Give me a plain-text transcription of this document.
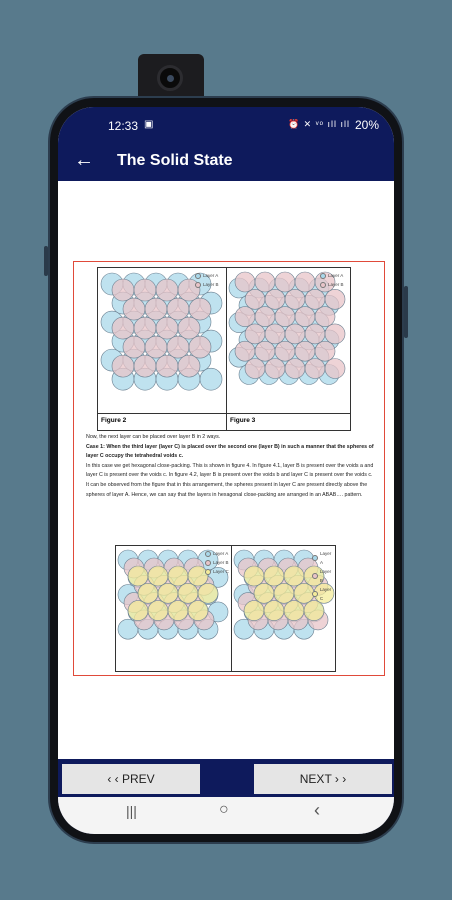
12:33 ▣	⏰ ✕ ᵛᵒ ıll ıll 20%
← The Solid State
Layer A
Layer B
Layer A
Layer B
Figure 2	Figure 3
Now, the next layer can be placed over layer B in 2 ways.
Case 1: When the third layer (layer C) is placed over the second one (layer B) in such a manner that the spheres of layer C occupy the tetrahedral voids c.
In this case we get hexagonal close-packing. This is shown in figure 4. In figure 4.1, layer B is present over the voids a and layer C is present over the voids c. In figure 4.2, layer B is present over the voids b and layer C is present over the voids c. It can be observed from the figure that in this arrangement, the spheres present in layer C are present directly above the spheres of layer A. Hence, we can say that the layers in hexagonal close-packing are arranged in an ABAB…. pattern.
Layer A
Layer B
Layer C
Layer A
Layer B
Layer C
‹ ‹ PREV	NEXT › ›
|||	○	‹
